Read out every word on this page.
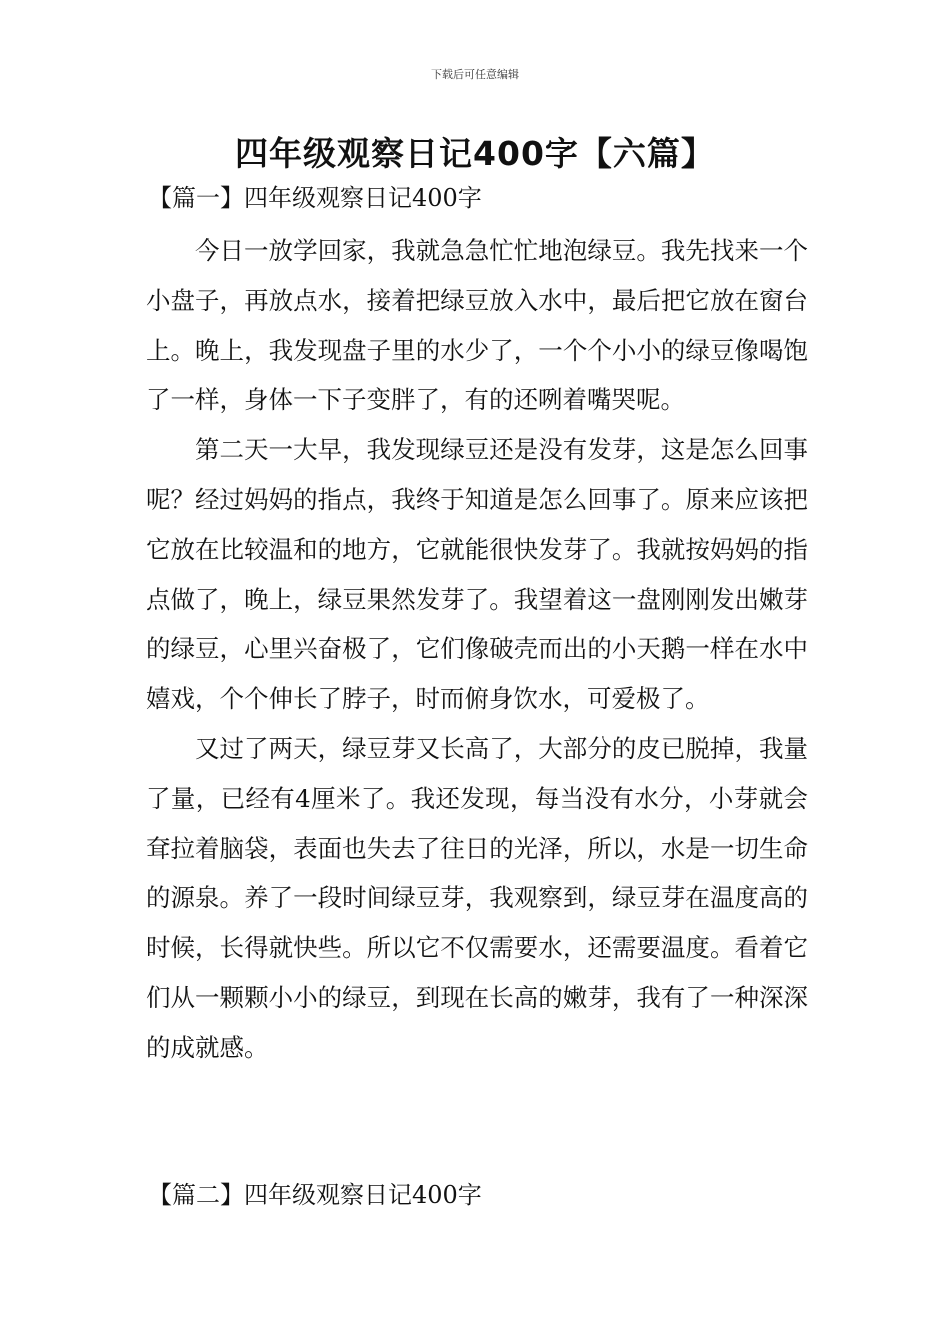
下载后可任意编辑
四年级观察日记400字【六篇】
【篇一】四年级观察日记400字

今日一放学回家，我就急急忙忙地泡绿豆。我先找来一个小盘子，再放点水，接着把绿豆放入水中，最后把它放在窗台上。晚上，我发现盘子里的水少了，一个个小小的绿豆像喝饱了一样，身体一下子变胖了，有的还咧着嘴哭呢。

第二天一大早，我发现绿豆还是没有发芽，这是怎么回事呢？经过妈妈的指点，我终于知道是怎么回事了。原来应该把它放在比较温和的地方，它就能很快发芽了。我就按妈妈的指点做了，晚上，绿豆果然发芽了。我望着这一盘刚刚发出嫩芽的绿豆，心里兴奋极了，它们像破壳而出的小天鹅一样在水中嬉戏，个个伸长了脖子，时而俯身饮水，可爱极了。

又过了两天，绿豆芽又长高了，大部分的皮已脱掉，我量了量，已经有4厘米了。我还发现，每当没有水分，小芽就会耷拉着脑袋，表面也失去了往日的光泽，所以，水是一切生命的源泉。养了一段时间绿豆芽，我观察到，绿豆芽在温度高的时候，长得就快些。所以它不仅需要水，还需要温度。看着它们从一颗颗小小的绿豆，到现在长高的嫩芽，我有了一种深深的成就感。

【篇二】四年级观察日记400字
